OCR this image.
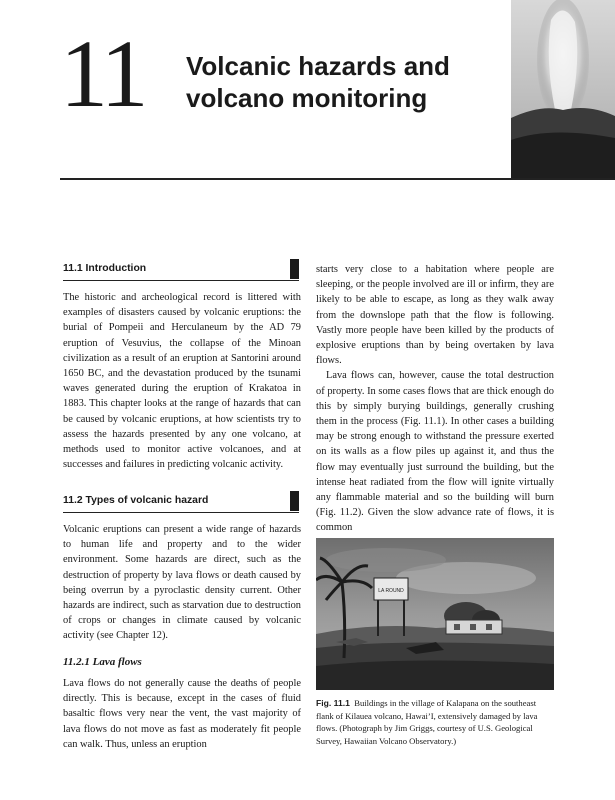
11 Volcanic hazards and
volcano monitoring
11.1 Introduction

The historic and archeological record is littered with examples of disasters caused by volcanic eruptions: the burial of Pompeii and Herculaneum by the AD 79 eruption of Vesuvius, the collapse of the Minoan civilization as a result of an eruption at Santorini around 1650 BC, and the devastation produced by the tsunami waves generated during the eruption of Krakatoa in 1883. This chapter looks at the range of hazards that can be caused by volcanic eruptions, at how scientists try to assess the hazards presented by any one volcano, at methods used to monitor active volcanoes, and at successes and failures in predicting volcanic activity.

11.2 Types of volcanic hazard

Volcanic eruptions can present a wide range of hazards to human life and property and to the wider environment. Some hazards are direct, such as the destruction of property by lava flows or death caused by being overrun by a pyroclastic density current. Other hazards are indirect, such as starvation due to destruction of crops or changes in climate caused by volcanic activity (see Chapter 12).

11.2.1 Lava flows

Lava flows do not generally cause the deaths of people directly. This is because, except in the cases of fluid basaltic flows very near the vent, the vast majority of lava flows do not move as fast as moderately fit people can walk. Thus, unless an eruption

starts very close to a habitation where people are sleeping, or the people involved are ill or infirm, they are likely to be able to escape, as long as they walk away from the downslope path that the flow is following. Vastly more people have been killed by the products of explosive eruptions than by being overtaken by lava flows.

Lava flows can, however, cause the total destruction of property. In some cases flows that are thick enough do this by simply burying buildings, generally crushing them in the process (Fig. 11.1). In other cases a building may be strong enough to withstand the pressure exerted on its walls as a flow piles up against it, and thus the flow may eventually just surround the building, but the intense heat radiated from the flow will ignite virtually any flammable material and so the building will burn (Fig. 11.2). Given the slow advance rate of flows, it is common

LA ROUND
Fig. 11.1 Buildings in the village of Kalapana on the southeast flank of Kilauea volcano, Hawai’I, extensively damaged by lava flows. (Photograph by Jim Griggs, courtesy of U.S. Geological Survey, Hawaiian Volcano Observatory.)
